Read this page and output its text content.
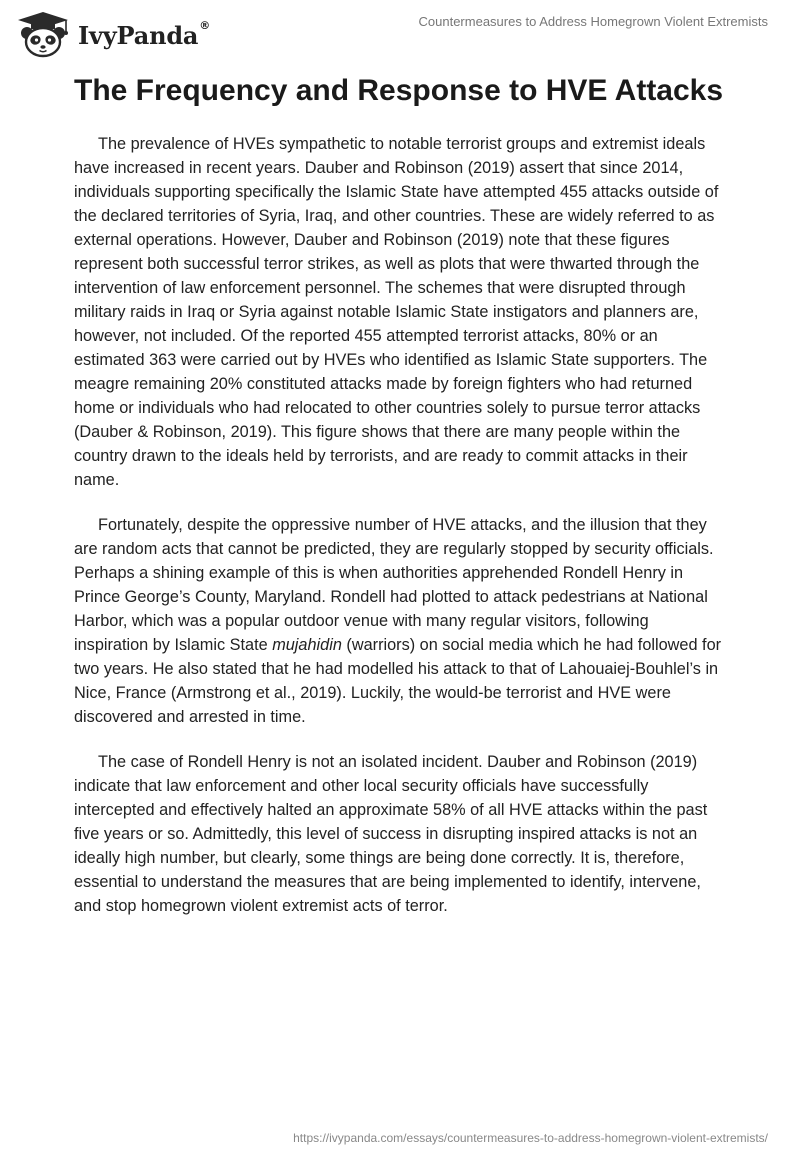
IvyPanda®	Countermeasures to Address Homegrown Violent Extremists
The Frequency and Response to HVE Attacks

The prevalence of HVEs sympathetic to notable terrorist groups and extremist ideals have increased in recent years. Dauber and Robinson (2019) assert that since 2014, individuals supporting specifically the Islamic State have attempted 455 attacks outside of the declared territories of Syria, Iraq, and other countries. These are widely referred to as external operations. However, Dauber and Robinson (2019) note that these figures represent both successful terror strikes, as well as plots that were thwarted through the intervention of law enforcement personnel. The schemes that were disrupted through military raids in Iraq or Syria against notable Islamic State instigators and planners are, however, not included. Of the reported 455 attempted terrorist attacks, 80% or an estimated 363 were carried out by HVEs who identified as Islamic State supporters. The meagre remaining 20% constituted attacks made by foreign fighters who had returned home or individuals who had relocated to other countries solely to pursue terror attacks (Dauber & Robinson, 2019). This figure shows that there are many people within the country drawn to the ideals held by terrorists, and are ready to commit attacks in their name.

Fortunately, despite the oppressive number of HVE attacks, and the illusion that they are random acts that cannot be predicted, they are regularly stopped by security officials. Perhaps a shining example of this is when authorities apprehended Rondell Henry in Prince George’s County, Maryland. Rondell had plotted to attack pedestrians at National Harbor, which was a popular outdoor venue with many regular visitors, following inspiration by Islamic State mujahidin (warriors) on social media which he had followed for two years. He also stated that he had modelled his attack to that of Lahouaiej-Bouhlel’s in Nice, France (Armstrong et al., 2019). Luckily, the would-be terrorist and HVE were discovered and arrested in time.

The case of Rondell Henry is not an isolated incident. Dauber and Robinson (2019) indicate that law enforcement and other local security officials have successfully intercepted and effectively halted an approximate 58% of all HVE attacks within the past five years or so. Admittedly, this level of success in disrupting inspired attacks is not an ideally high number, but clearly, some things are being done correctly. It is, therefore, essential to understand the measures that are being implemented to identify, intervene, and stop homegrown violent extremist acts of terror.

https://ivypanda.com/essays/countermeasures-to-address-homegrown-violent-extremists/
